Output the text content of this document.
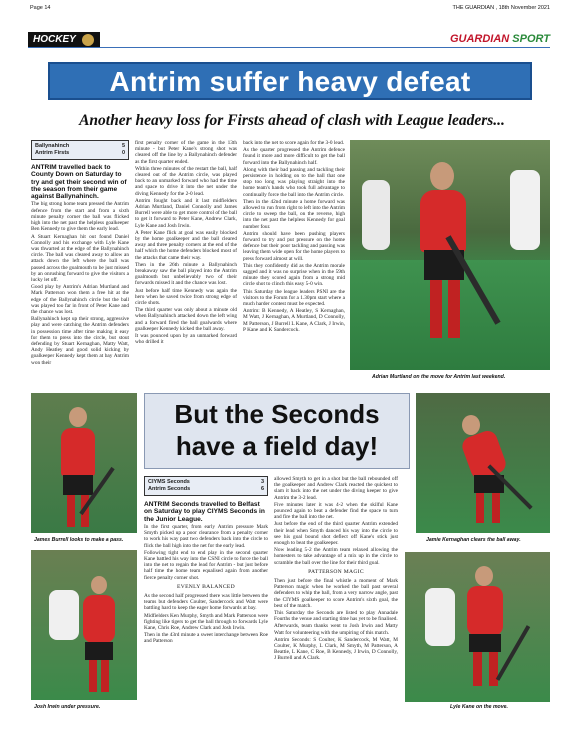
Page 14	THE GUARDIAN , 18th November 2021
HOCKEY	GUARDIAN SPORT
Antrim suffer heavy defeat
Another heavy loss for Firsts ahead of clash with League leaders...
Ballynahinch	5
Antrim Firsts	0

ANTRIM travelled back to County Down on Saturday to try and get their second win of the season from their game against Ballynahinch.

The big strong home team pressed the Antrim defence from the start and from a sixth minute penalty corner the ball was flicked high into the net past the helpless goalkeeper Ben Kennedy to give them the early lead.

A Stuart Kernaghan hit out found Daniel Connolly and his exchange with Lyle Kane was thwarted at the edge of the Ballynahinch circle. The ball was cleared away to allow an attack down the left where the ball was passed across the goalmouth to be just missed by an onrushing forward to give the visitors a lucky let off.

Good play by Antrim's Adrian Murtland and Mark Patterson won them a free hit at the edge of the Ballynahinch circle but the ball was played too far in front of Peter Kane and the chance was lost.

Ballynahinch kept up their strong, aggressive play and were catching the Antrim defenders in possession time after time making it easy for them to press into the circle, but stout defending by Stuart Kernaghan, Matty Watt, Andy Heatley and good solid kicking by goalkeeper Kennedy kept them at bay Antrim won their

first penalty corner of the game in the 13th minute - but Peter Kane's strong shot was cleared off the line by a Ballynahinch defender as the first quarter ended.

Within three minutes of the restart the ball, half cleared out of the Antrim circle, was played back to an unmarked forward who had the time and space to drive it into the net under the diving Kennedy for the 2-0 lead.

Antrim fought back and it last midfielders Adrian Murtland, Daniel Connolly and James Burrell were able to get more control of the ball to get it forward to Peter Kane, Andrew Clark, Lyle Kane and Josh Irwin.

A Peter Kane flick at goal was easily blocked by the home goalkeeper and the ball cleared away and three penalty corners at the end of the half which the home defenders blocked most of the attacks that came their way.

Then in the 26th minute a Ballynahinch breakaway saw the ball played into the Antrim goalmouth but unbelievably two of their forwards missed it and the chance was lost.

Just before half time Kennedy was again the hero when he saved twice from strong edge of circle shots.

The third quarter was only about a minute old when Ballynahinch attacked down the left wing and a forward fired the ball goalwards where goalkeeper Kennedy kicked the ball away.

It was pounced upon by an unmarked forward who drilled it

back into the net to score again for the 3-0 lead.

As the quarter progressed the Antrim defence found it more and more difficult to get the ball forward into the Ballynahinch half.

Along with their bad passing and tackling their persistence in holding on to the ball that one stop too long was playing straight into the home team's hands who took full advantage to continually force the ball into the Antrim circle.

Then in the 42nd minute a home forward was allowed to run from right to left into the Antrim circle to sweep the ball, on the reverse, high into the net past the helpless Kennedy for goal number four.

Antrim should have been pushing players forward to try and put pressure on the home defence but their poor tackling and passing was leaving them wide open for the home players to press forward almost at will.

This they confidently did as the Antrim morale sagged and it was no surprise when in the 59th minute they scored again from a strong mid circle shot to clinch this easy 5-0 win.

This Saturday the league leaders PSNI are the visitors to the Forum for a 1.30pm start where a much harder contest must be expected.

Antrim: B Kennedy, A Heatley, S Kernaghan, M Watt, J Kernaghan, A Murtland, D Connolly, M Patterson, J Burrell L Kane, A Clark, J Irwin, P Kane and K Sandercock.

Adrian Murtland on the move for Antrim last weekend.
But the Seconds
have a field day!
James Burrell looks to make a pass.
Josh Irwin under pressure.
CIYMS Seconds	3
Antrim Seconds	6

ANTRIM Seconds travelled to Belfast on Saturday to play CIYMS Seconds in the Junior League.

In the first quarter, from early Antrim pressure Mark Smyth picked up a poor clearance from a penalty corner to work his way past two defenders back into the circle to flick the ball high into the net for the early lead.

Following tight end to end play in the second quarter Kane battled his way into the CSNI circle to force the ball into the net to regain the lead for Antrim - but just before half time the home team equalised again from another fierce penalty corner shot.

EVENLY BALANCED

As the second half progressed there was little between the teams but defenders Coulter, Sandercock and Watt were battling hard to keep the eager home forwards at bay.

Midfielders Ken Murphy, Smyth and Mark Patterson were fighting like tigers to get the ball through to forwards Lyle Kane, Chris Roe, Andrew Clark and Josh Irwin.

Then in the 43rd minute a sweet interchange between Roe and Patterson

allowed Smyth to get in a shot but the ball rebounded off the goalkeeper and Andrew Clark reacted the quickest to slam it back into the net under the diving keeper to give Antrim the 3-2 lead.

Five minutes later it was 4-2 when the skilful Kane pounced again to beat a defender find the space to turn and fire the ball into the net.

Just before the end of the third quarter Antrim extended their lead when Smyth danced his way into the circle to see his goal bound shot deflect off Kane's stick just enough to beat the goalkeeper.

Now leading 5-2 the Antrim team relaxed allowing the homesters to take advantage of a mix up in the circle to scramble the ball over the line for their third goal.

PATTERSON MAGIC

Then just before the final whistle a moment of Mark Patterson magic when he worked the ball past several defenders to whip the ball, from a very narrow angle, past the CIYMS goalkeeper to score Antrim's sixth goal, the best of the match.

This Saturday the Seconds are listed to play Annadale Fourths the venue and starting time has yet to be finalised.

Afterwards, team thanks went to Josh Irwin and Matty Watt for volunteering with the umpiring of this match.

Antrim Seconds: S Coulter, K Sandercock, M Watt, M Coulter, K Murphy, L Clark, M Smyth, M Patterson, A Beattie, L Kane, C Roe, B Kennedy, J Irwin, D Connolly, J Burrell and A Clark.

Jamie Kernaghan clears the ball away.
Lyle Kane on the move.
